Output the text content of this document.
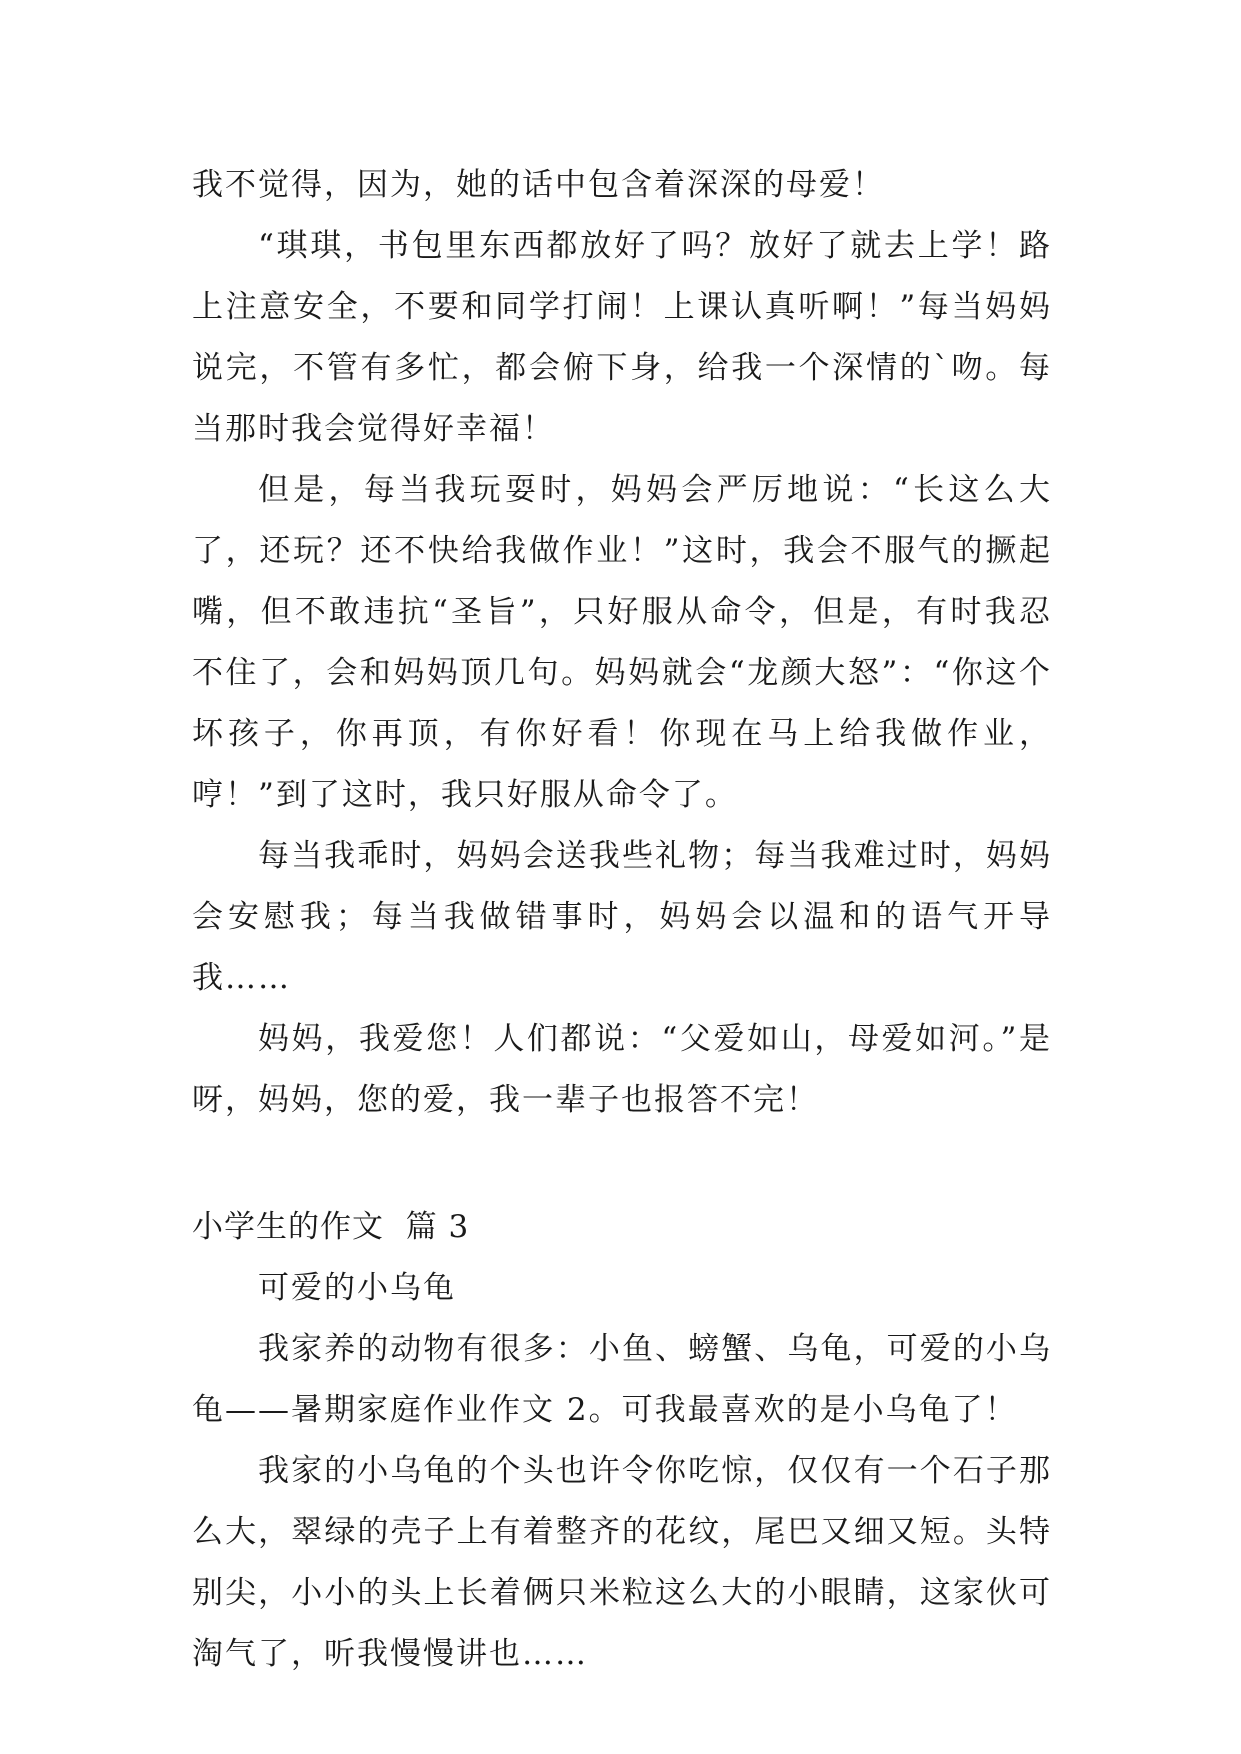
我不觉得，因为，她的话中包含着深深的母爱！

“琪琪，书包里东西都放好了吗？放好了就去上学！路上注意安全，不要和同学打闹！上课认真听啊！”每当妈妈说完，不管有多忙，都会俯下身，给我一个深情的`吻。每当那时我会觉得好幸福！

但是，每当我玩耍时，妈妈会严厉地说：“长这么大了，还玩？还不快给我做作业！”这时，我会不服气的撅起嘴，但不敢违抗“圣旨”，只好服从命令，但是，有时我忍不住了，会和妈妈顶几句。妈妈就会“龙颜大怒”：“你这个坏孩子，你再顶，有你好看！你现在马上给我做作业，哼！”到了这时，我只好服从命令了。

每当我乖时，妈妈会送我些礼物；每当我难过时，妈妈会安慰我；每当我做错事时，妈妈会以温和的语气开导我……

妈妈，我爱您！人们都说：“父爱如山，母爱如河。”是呀，妈妈，您的爱，我一辈子也报答不完！

小学生的作文  篇 3

可爱的小乌龟

我家养的动物有很多：小鱼、螃蟹、乌龟，可爱的小乌龟——暑期家庭作业作文 2。可我最喜欢的是小乌龟了！

我家的小乌龟的个头也许令你吃惊，仅仅有一个石子那么大，翠绿的壳子上有着整齐的花纹，尾巴又细又短。头特别尖，小小的头上长着俩只米粒这么大的小眼睛，这家伙可淘气了，听我慢慢讲也……
